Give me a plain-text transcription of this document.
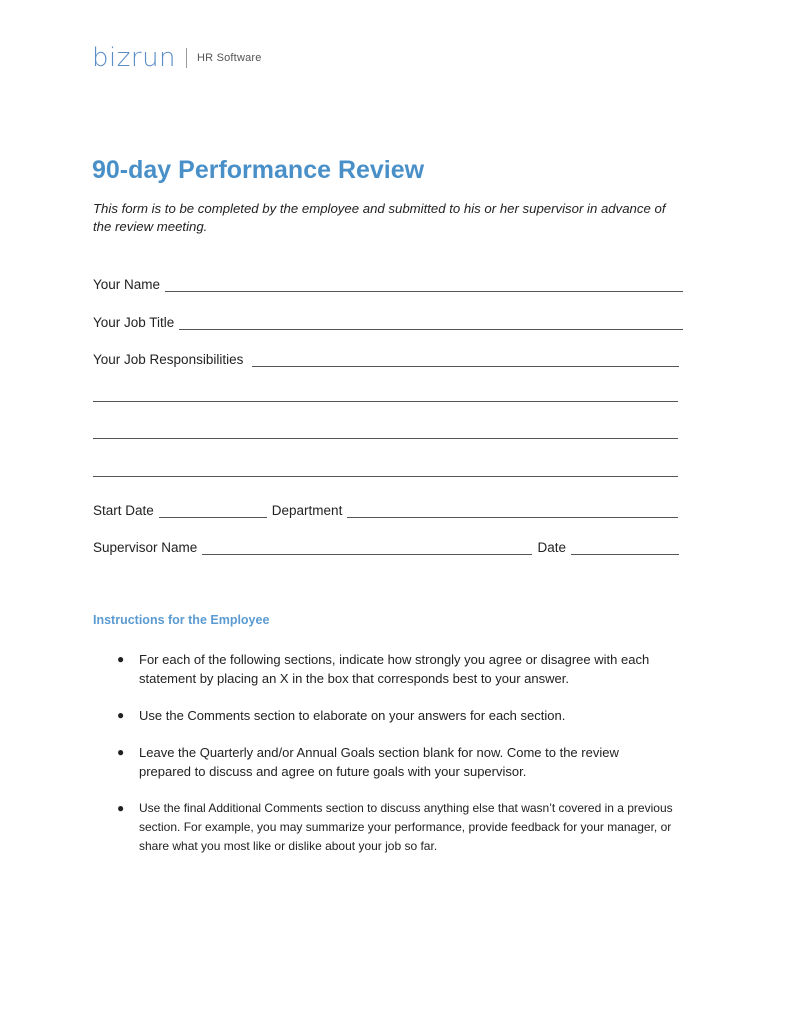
bizrun HR Software
90-day Performance Review
This form is to be completed by the employee and submitted to his or her supervisor in advance of the review meeting.
Your Name
Your Job Title
Your Job Responsibilities
Start Date	Department
Supervisor Name	Date
Instructions for the Employee
● For each of the following sections, indicate how strongly you agree or disagree with each statement by placing an X in the box that corresponds best to your answer.
● Use the Comments section to elaborate on your answers for each section.
● Leave the Quarterly and/or Annual Goals section blank for now. Come to the review prepared to discuss and agree on future goals with your supervisor.
● Use the final Additional Comments section to discuss anything else that wasn’t covered in a previous section. For example, you may summarize your performance, provide feedback for your manager, or share what you most like or dislike about your job so far.
